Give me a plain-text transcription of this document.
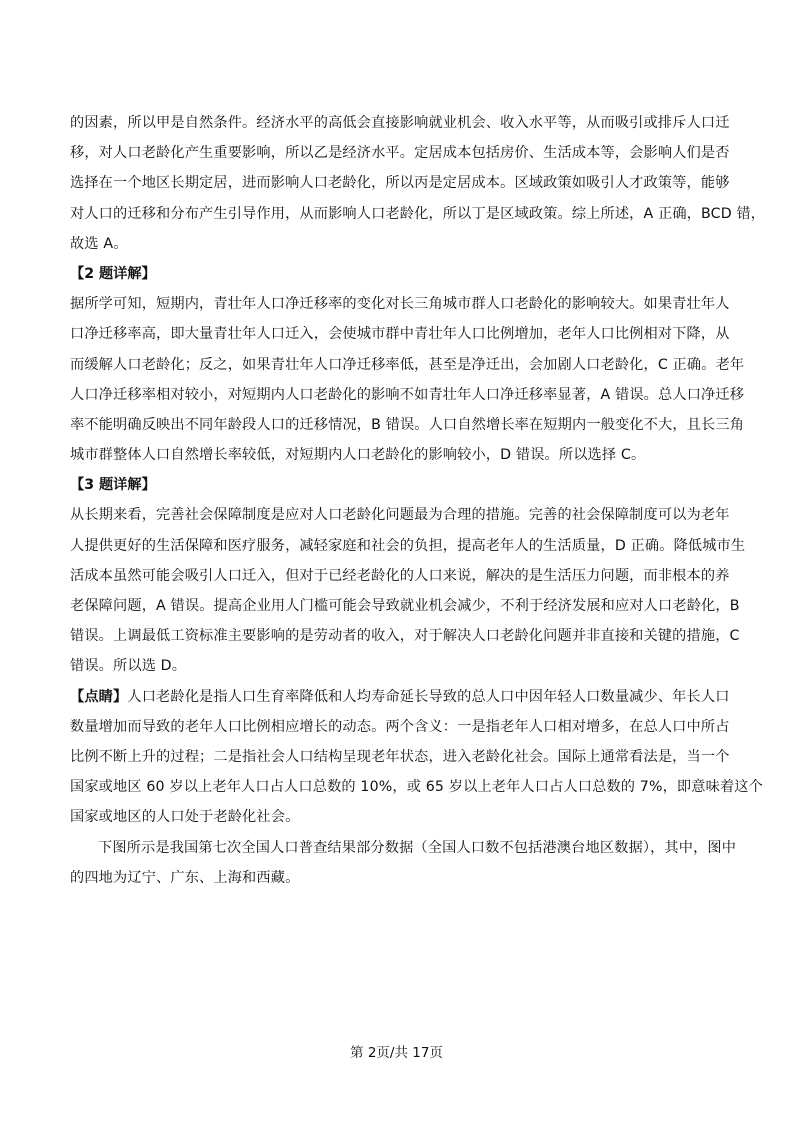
的因素，所以甲是自然条件。经济水平的高低会直接影响就业机会、收入水平等，从而吸引或排斥人口迁
移，对人口老龄化产生重要影响，所以乙是经济水平。定居成本包括房价、生活成本等，会影响人们是否
选择在一个地区长期定居，进而影响人口老龄化，所以丙是定居成本。区域政策如吸引人才政策等，能够
对人口的迁移和分布产生引导作用，从而影响人口老龄化，所以丁是区域政策。综上所述，A 正确，BCD 错，
故选 A。
【2 题详解】
据所学可知，短期内，青壮年人口净迁移率的变化对长三角城市群人口老龄化的影响较大。如果青壮年人
口净迁移率高，即大量青壮年人口迁入，会使城市群中青壮年人口比例增加，老年人口比例相对下降，从
而缓解人口老龄化；反之，如果青壮年人口净迁移率低，甚至是净迁出，会加剧人口老龄化，C 正确。老年
人口净迁移率相对较小，对短期内人口老龄化的影响不如青壮年人口净迁移率显著，A 错误。总人口净迁移
率不能明确反映出不同年龄段人口的迁移情况，B 错误。人口自然增长率在短期内一般变化不大，且长三角
城市群整体人口自然增长率较低，对短期内人口老龄化的影响较小，D 错误。所以选择 C。
【3 题详解】
从长期来看，完善社会保障制度是应对人口老龄化问题最为合理的措施。完善的社会保障制度可以为老年
人提供更好的生活保障和医疗服务，减轻家庭和社会的负担，提高老年人的生活质量，D 正确。降低城市生
活成本虽然可能会吸引人口迁入，但对于已经老龄化的人口来说，解决的是生活压力问题，而非根本的养
老保障问题，A 错误。提高企业用人门槛可能会导致就业机会减少，不利于经济发展和应对人口老龄化，B
错误。上调最低工资标准主要影响的是劳动者的收入，对于解决人口老龄化问题并非直接和关键的措施，C
错误。所以选 D。
【点睛】人口老龄化是指人口生育率降低和人均寿命延长导致的总人口中因年轻人口数量减少、年长人口
数量增加而导致的老年人口比例相应增长的动态。两个含义：一是指老年人口相对增多，在总人口中所占
比例不断上升的过程；二是指社会人口结构呈现老年状态，进入老龄化社会。国际上通常看法是，当一个
国家或地区 60 岁以上老年人口占人口总数的 10%，或 65 岁以上老年人口占人口总数的 7%，即意味着这个
国家或地区的人口处于老龄化社会。
下图所示是我国第七次全国人口普查结果部分数据（全国人口数不包括港澳台地区数据），其中，图中
的四地为辽宁、广东、上海和西藏。
第 2页/共 17页
